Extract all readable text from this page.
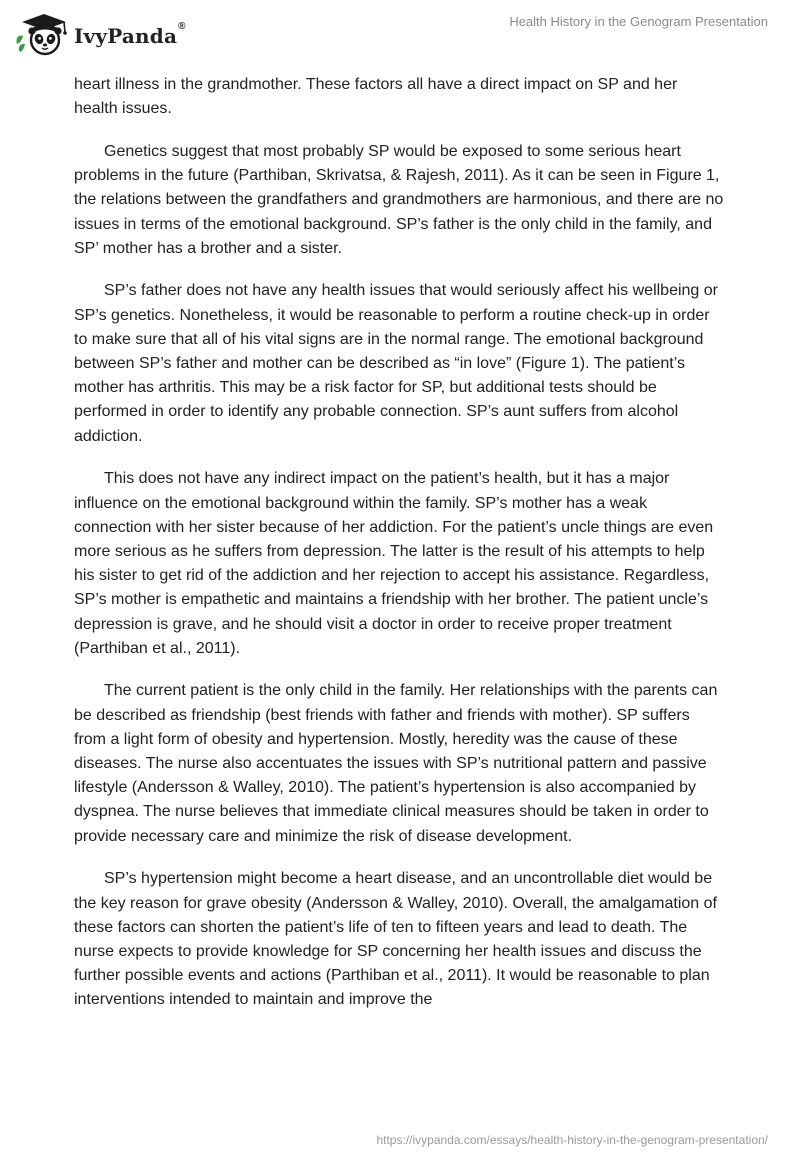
IvyPanda®	Health History in the Genogram Presentation

heart illness in the grandmother. These factors all have a direct impact on SP and her health issues.

Genetics suggest that most probably SP would be exposed to some serious heart problems in the future (Parthiban, Skrivatsa, & Rajesh, 2011). As it can be seen in Figure 1, the relations between the grandfathers and grandmothers are harmonious, and there are no issues in terms of the emotional background. SP’s father is the only child in the family, and SP’ mother has a brother and a sister.

SP’s father does not have any health issues that would seriously affect his wellbeing or SP’s genetics. Nonetheless, it would be reasonable to perform a routine check-up in order to make sure that all of his vital signs are in the normal range. The emotional background between SP’s father and mother can be described as “in love” (Figure 1). The patient’s mother has arthritis. This may be a risk factor for SP, but additional tests should be performed in order to identify any probable connection. SP’s aunt suffers from alcohol addiction.

This does not have any indirect impact on the patient’s health, but it has a major influence on the emotional background within the family. SP’s mother has a weak connection with her sister because of her addiction. For the patient’s uncle things are even more serious as he suffers from depression. The latter is the result of his attempts to help his sister to get rid of the addiction and her rejection to accept his assistance. Regardless, SP’s mother is empathetic and maintains a friendship with her brother. The patient uncle’s depression is grave, and he should visit a doctor in order to receive proper treatment (Parthiban et al., 2011).

The current patient is the only child in the family. Her relationships with the parents can be described as friendship (best friends with father and friends with mother). SP suffers from a light form of obesity and hypertension. Mostly, heredity was the cause of these diseases. The nurse also accentuates the issues with SP’s nutritional pattern and passive lifestyle (Andersson & Walley, 2010). The patient’s hypertension is also accompanied by dyspnea. The nurse believes that immediate clinical measures should be taken in order to provide necessary care and minimize the risk of disease development.

SP’s hypertension might become a heart disease, and an uncontrollable diet would be the key reason for grave obesity (Andersson & Walley, 2010). Overall, the amalgamation of these factors can shorten the patient’s life of ten to fifteen years and lead to death. The nurse expects to provide knowledge for SP concerning her health issues and discuss the further possible events and actions (Parthiban et al., 2011). It would be reasonable to plan interventions intended to maintain and improve the

https://ivypanda.com/essays/health-history-in-the-genogram-presentation/
